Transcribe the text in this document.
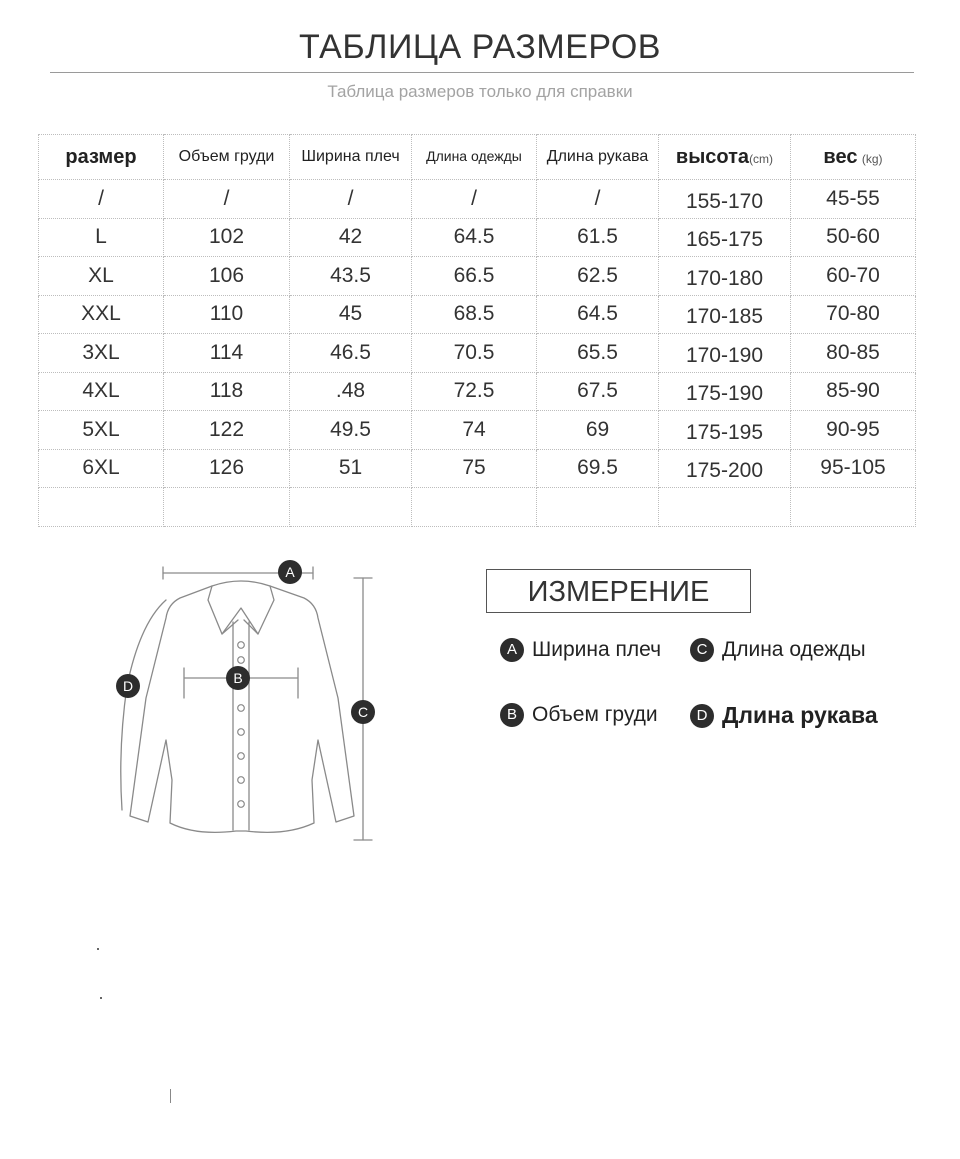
ТАБЛИЦА РАЗМЕРОВ
Таблица размеров только для справки
размер	Объем груди	Ширина плеч	Длина одежды	Длина рукава	высота(cm)	вес (kg)
/	/	/	/	/	155-170	45-55
L	102	42	64.5	61.5	165-175	50-60
XL	106	43.5	66.5	62.5	170-180	60-70
XXL	110	45	68.5	64.5	170-185	70-80
3XL	114	46.5	70.5	65.5	170-190	80-85
4XL	118	.48	72.5	67.5	175-190	85-90
5XL	122	49.5	74	69	175-195	90-95
6XL	126	51	75	69.5	175-200	95-105

A
B
C
D
ИЗМЕРЕНИЕ
A Ширина плеч	C Длина одежды
B Объем груди	D Длина рукава
